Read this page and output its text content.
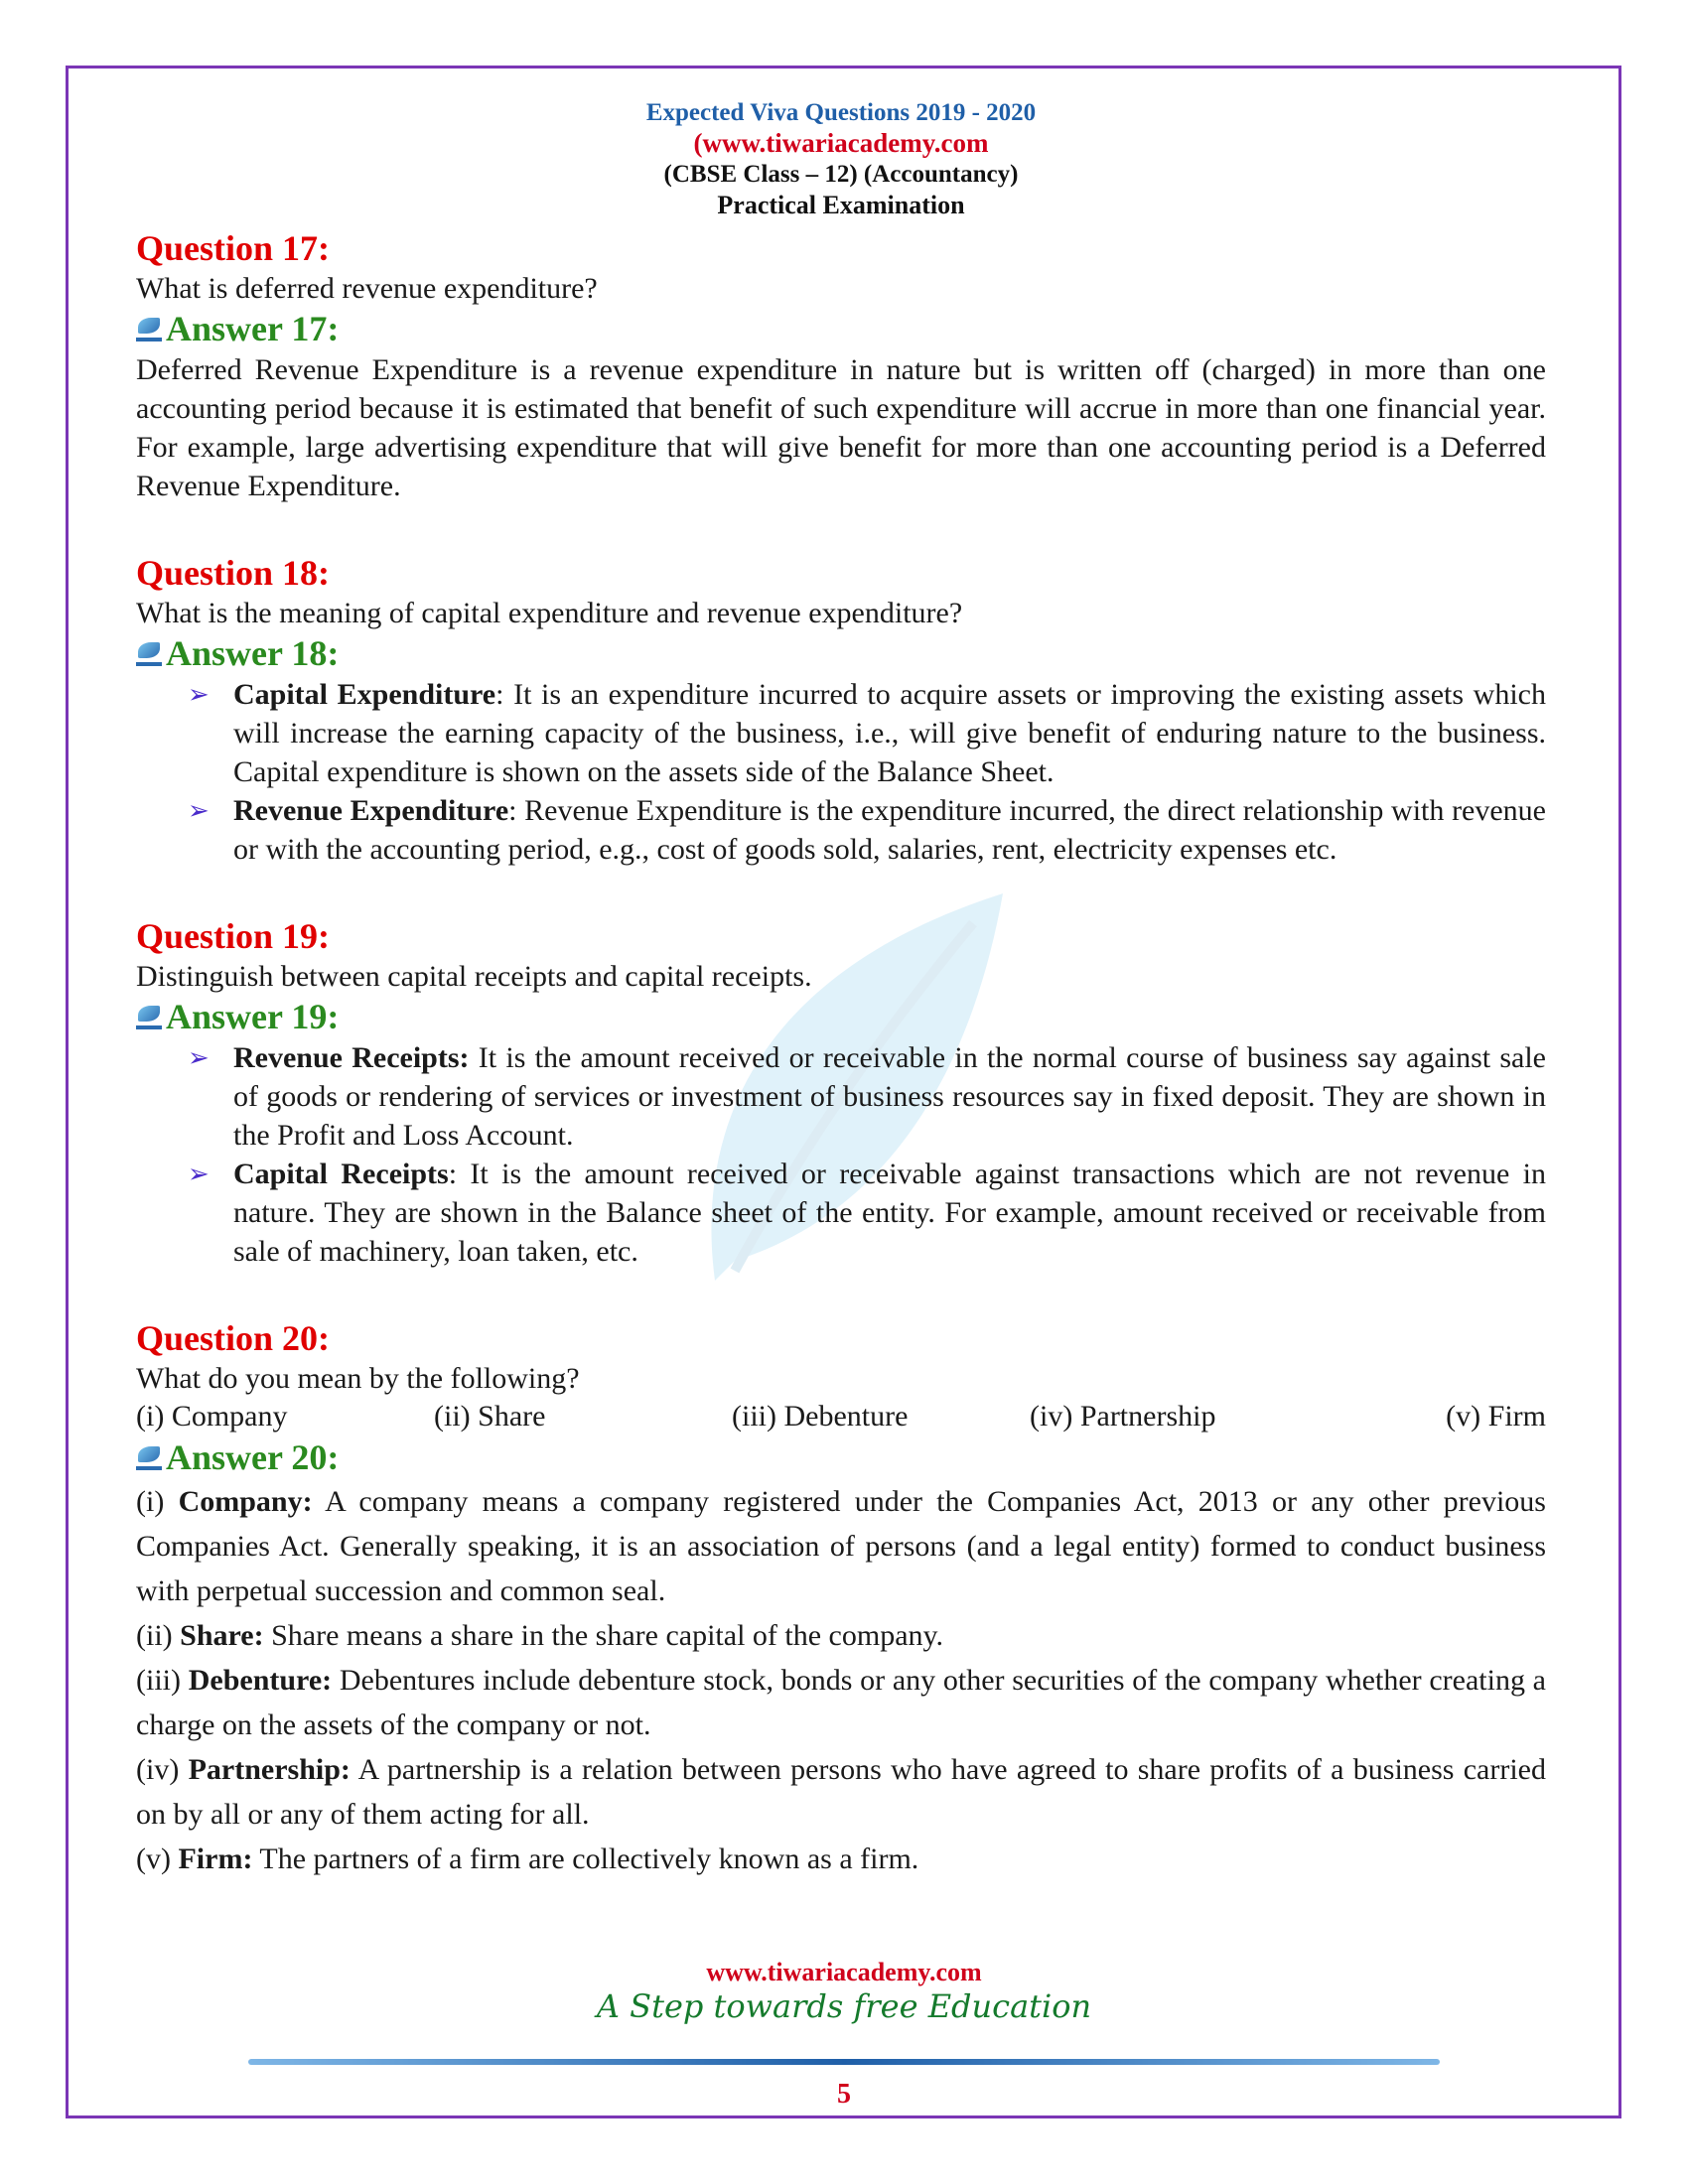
Expected Viva Questions 2019 - 2020
(www.tiwariacademy.com
(CBSE Class – 12) (Accountancy)
Practical Examination
Question 17:
What is deferred revenue expenditure?
Answer 17:
Deferred Revenue Expenditure is a revenue expenditure in nature but is written off (charged) in more than one accounting period because it is estimated that benefit of such expenditure will accrue in more than one financial year. For example, large advertising expenditure that will give benefit for more than one accounting period is a Deferred Revenue Expenditure.
Question 18:
What is the meaning of capital expenditure and revenue expenditure?
Answer 18:
➢ Capital Expenditure: It is an expenditure incurred to acquire assets or improving the existing assets which will increase the earning capacity of the business, i.e., will give benefit of enduring nature to the business. Capital expenditure is shown on the assets side of the Balance Sheet.
➢ Revenue Expenditure: Revenue Expenditure is the expenditure incurred, the direct relationship with revenue or with the accounting period, e.g., cost of goods sold, salaries, rent, electricity expenses etc.
Question 19:
Distinguish between capital receipts and capital receipts.
Answer 19:
➢ Revenue Receipts: It is the amount received or receivable in the normal course of business say against sale of goods or rendering of services or investment of business resources say in fixed deposit. They are shown in the Profit and Loss Account.
➢ Capital Receipts: It is the amount received or receivable against transactions which are not revenue in nature. They are shown in the Balance sheet of the entity. For example, amount received or receivable from sale of machinery, loan taken, etc.
Question 20:
What do you mean by the following?
(i) Company	(ii) Share	(iii) Debenture	(iv) Partnership	(v) Firm
Answer 20:
(i) Company: A company means a company registered under the Companies Act, 2013 or any other previous Companies Act. Generally speaking, it is an association of persons (and a legal entity) formed to conduct business with perpetual succession and common seal.
(ii) Share: Share means a share in the share capital of the company.
(iii) Debenture: Debentures include debenture stock, bonds or any other securities of the company whether creating a charge on the assets of the company or not.
(iv) Partnership: A partnership is a relation between persons who have agreed to share profits of a business carried on by all or any of them acting for all.
(v) Firm: The partners of a firm are collectively known as a firm.
www.tiwariacademy.com
A Step towards free Education
5
